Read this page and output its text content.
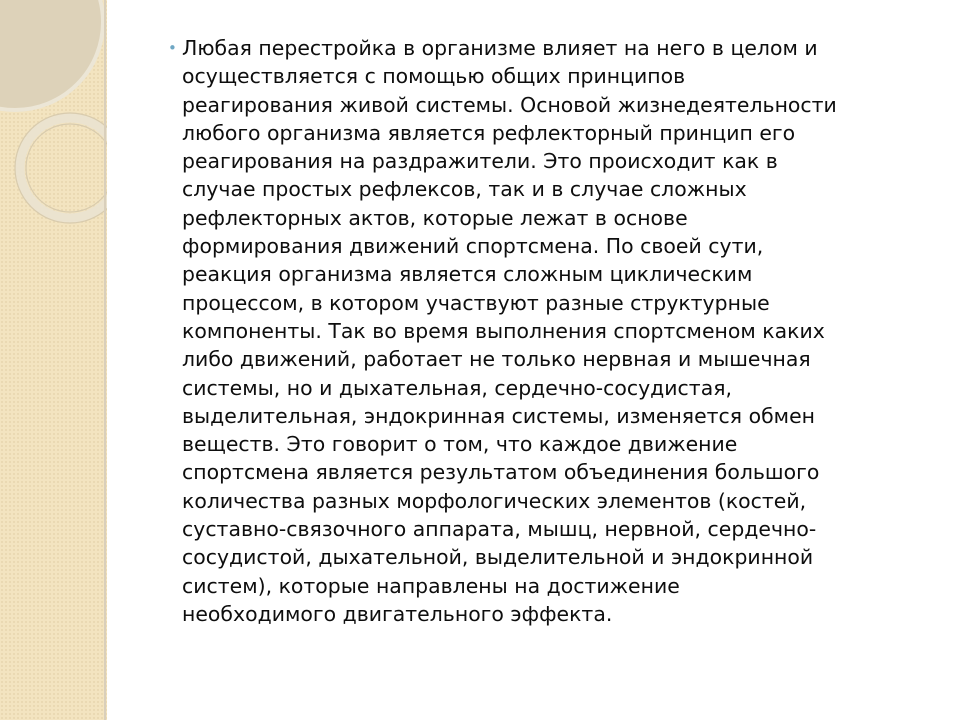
• Любая перестройка в организме влияет на него в целом и
осуществляется с помощью общих принципов
реагирования живой системы. Основой жизнедеятельности
любого организма является рефлекторный принцип его
реагирования на раздражители. Это происходит как в
случае простых рефлексов, так и в случае сложных
рефлекторных актов, которые лежат в основе
формирования движений спортсмена. По своей сути,
реакция организма является сложным циклическим
процессом, в котором участвуют разные структурные
компоненты. Так во время выполнения спортсменом каких
либо движений, работает не только нервная и мышечная
системы, но и дыхательная, сердечно-сосудистая,
выделительная, эндокринная системы, изменяется обмен
веществ. Это говорит о том, что каждое движение
спортсмена является результатом объединения большого
количества разных морфологических элементов (костей,
суставно-связочного аппарата, мышц, нервной, сердечно-
сосудистой, дыхательной, выделительной и эндокринной
систем), которые направлены на достижение
необходимого двигательного эффекта.
